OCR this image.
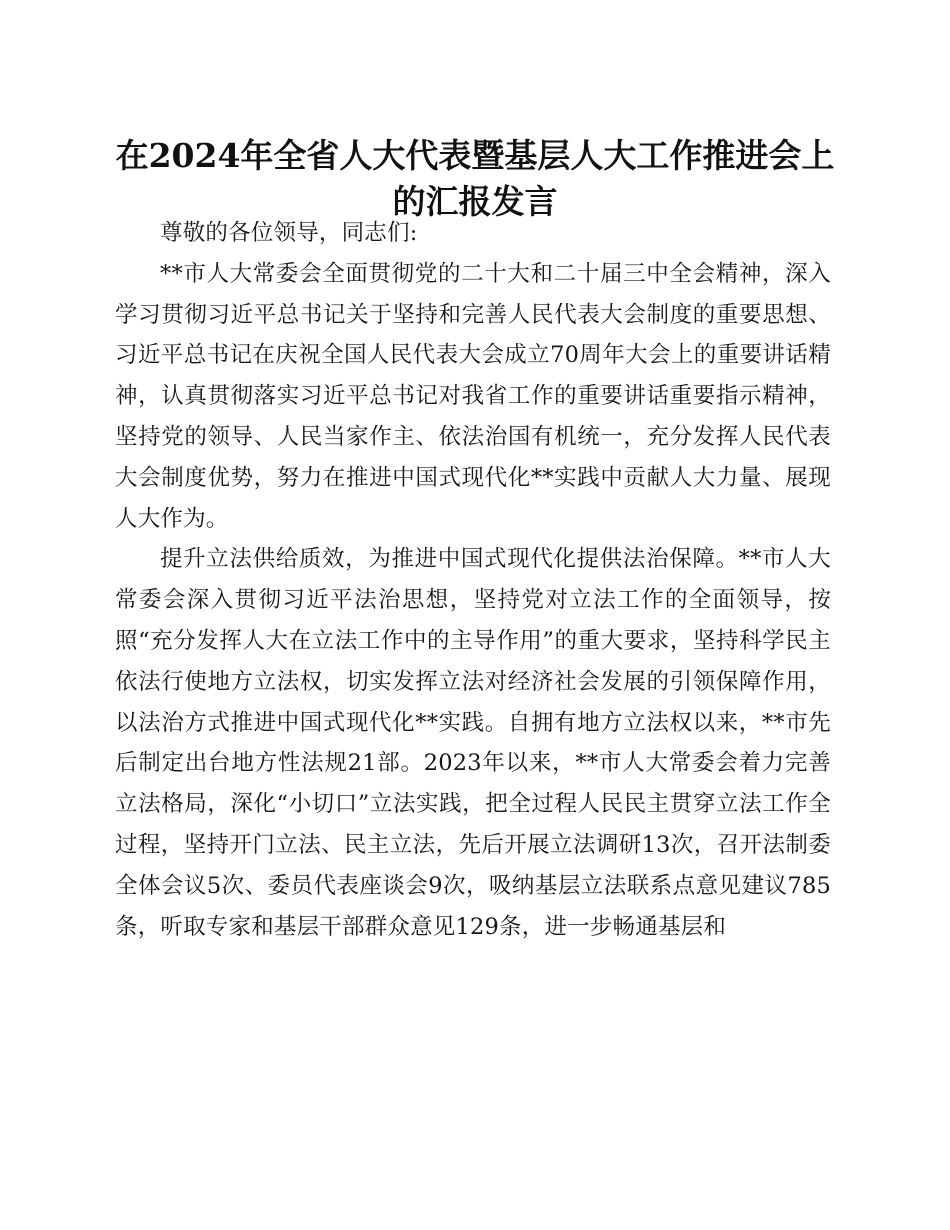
在2024年全省人大代表暨基层人大工作推进会上的汇报发言

尊敬的各位领导，同志们:

**市人大常委会全面贯彻党的二十大和二十届三中全会精神，深入学习贯彻习近平总书记关于坚持和完善人民代表大会制度的重要思想、习近平总书记在庆祝全国人民代表大会成立70周年大会上的重要讲话精神，认真贯彻落实习近平总书记对我省工作的重要讲话重要指示精神，坚持党的领导、人民当家作主、依法治国有机统一，充分发挥人民代表大会制度优势，努力在推进中国式现代化**实践中贡献人大力量、展现人大作为。

提升立法供给质效，为推进中国式现代化提供法治保障。**市人大常委会深入贯彻习近平法治思想，坚持党对立法工作的全面领导，按照“充分发挥人大在立法工作中的主导作用”的重大要求，坚持科学民主依法行使地方立法权，切实发挥立法对经济社会发展的引领保障作用，以法治方式推进中国式现代化**实践。自拥有地方立法权以来，**市先后制定出台地方性法规21部。2023年以来，**市人大常委会着力完善立法格局，深化“小切口”立法实践，把全过程人民民主贯穿立法工作全过程，坚持开门立法、民主立法，先后开展立法调研13次，召开法制委全体会议5次、委员代表座谈会9次，吸纳基层立法联系点意见建议785条，听取专家和基层干部群众意见129条，进一步畅通基层和
